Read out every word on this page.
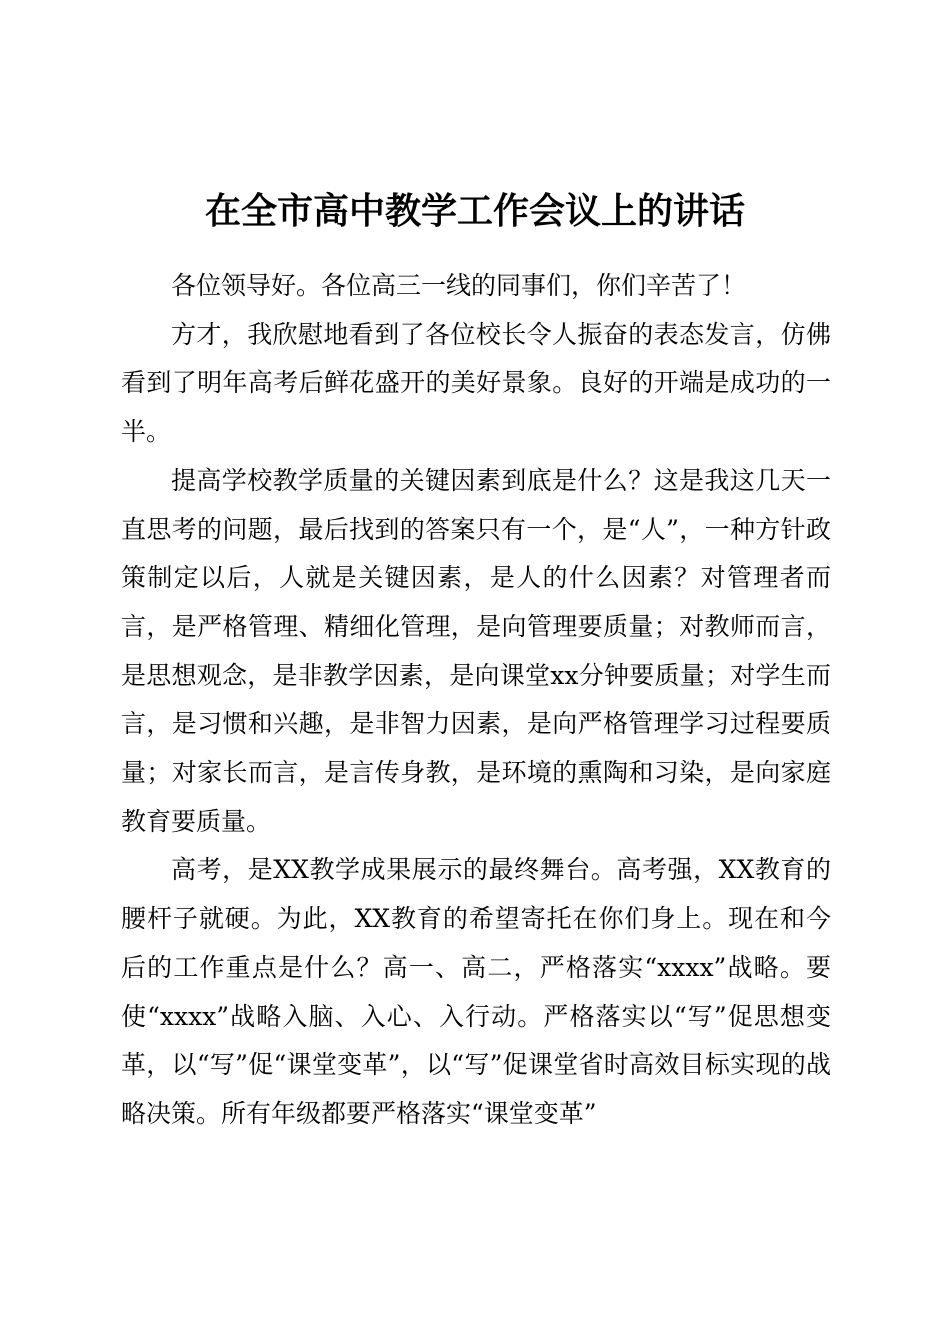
在全市高中教学工作会议上的讲话

各位领导好。各位高三一线的同事们，你们辛苦了！

方才，我欣慰地看到了各位校长令人振奋的表态发言，仿佛看到了明年高考后鲜花盛开的美好景象。良好的开端是成功的一半。

提高学校教学质量的关键因素到底是什么？这是我这几天一直思考的问题，最后找到的答案只有一个，是“人”，一种方针政策制定以后，人就是关键因素，是人的什么因素？对管理者而言，是严格管理、精细化管理，是向管理要质量；对教师而言，是思想观念，是非教学因素，是向课堂xx分钟要质量；对学生而言，是习惯和兴趣，是非智力因素，是向严格管理学习过程要质量；对家长而言，是言传身教，是环境的熏陶和习染，是向家庭教育要质量。

高考，是XX教学成果展示的最终舞台。高考强，XX教育的腰杆子就硬。为此，XX教育的希望寄托在你们身上。现在和今后的工作重点是什么？高一、高二，严格落实“xxxx”战略。要使“xxxx”战略入脑、入心、入行动。严格落实以“写”促思想变革，以“写”促“课堂变革”，以“写”促课堂省时高效目标实现的战略决策。所有年级都要严格落实“课堂变革”
